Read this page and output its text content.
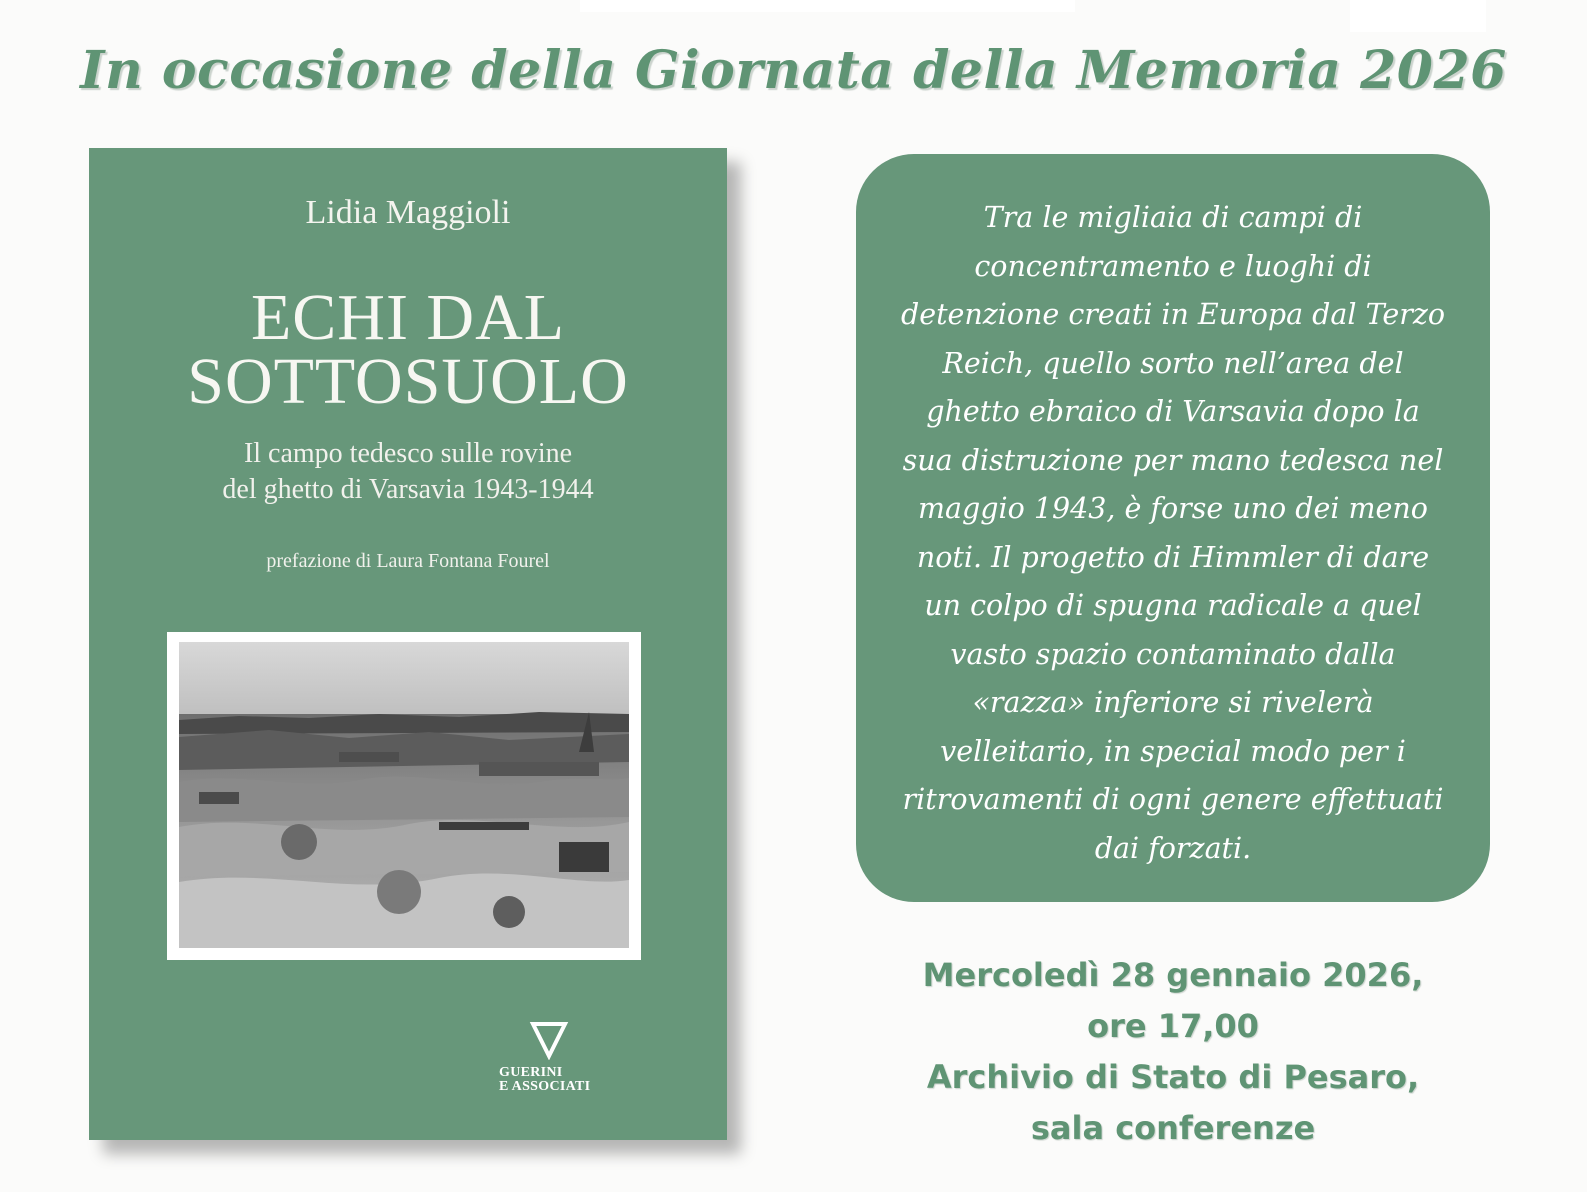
In occasione della Giornata della Memoria 2026
Lidia Maggioli
ECHI DAL
SOTTOSUOLO
Il campo tedesco sulle rovine
del ghetto di Varsavia 1943-1944
prefazione di Laura Fontana Fourel
GUERINI
E ASSOCIATI
Tra le migliaia di campi di
concentramento e luoghi di
detenzione creati in Europa dal Terzo
Reich, quello sorto nell’area del
ghetto ebraico di Varsavia dopo la
sua distruzione per mano tedesca nel
maggio 1943, è forse uno dei meno
noti. Il progetto di Himmler di dare
un colpo di spugna radicale a quel
vasto spazio contaminato dalla
«razza» inferiore si rivelerà
velleitario, in special modo per i
ritrovamenti di ogni genere effettuati
dai forzati.
Mercoledì 28 gennaio 2026,
ore 17,00
Archivio di Stato di Pesaro,
sala conferenze
